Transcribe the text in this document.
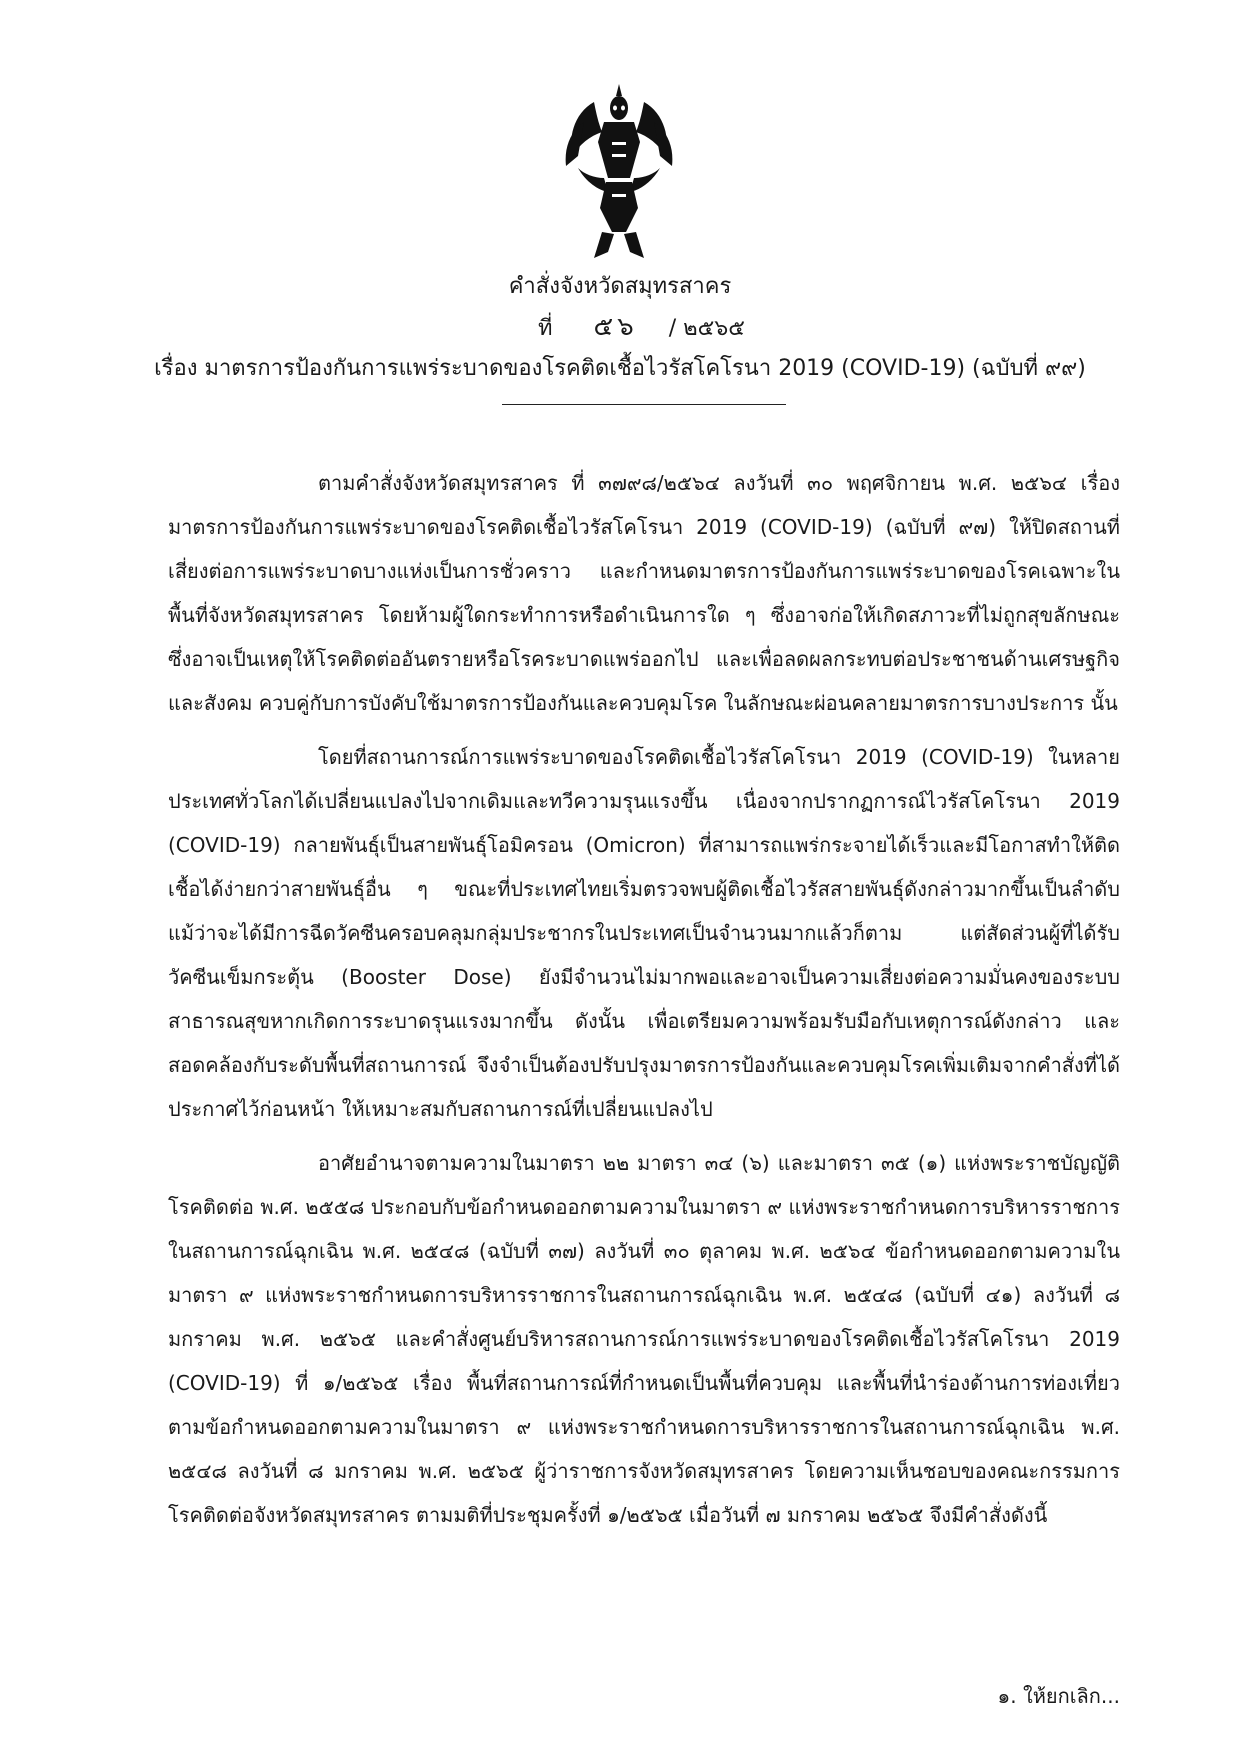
คำสั่งจังหวัดสมุทรสาคร
ที่ ๕๖ / ๒๕๖๕
เรื่อง มาตรการป้องกันการแพร่ระบาดของโรคติดเชื้อไวรัสโคโรนา 2019 (COVID-19) (ฉบับที่ ๙๙)

ตามคำสั่งจังหวัดสมุทรสาคร ที่ ๓๗๙๘/๒๕๖๔ ลงวันที่ ๓๐ พฤศจิกายน พ.ศ. ๒๕๖๔ เรื่อง มาตรการป้องกันการแพร่ระบาดของโรคติดเชื้อไวรัสโคโรนา 2019 (COVID-19) (ฉบับที่ ๙๗) ให้ปิดสถานที่เสี่ยงต่อการแพร่ระบาดบางแห่งเป็นการชั่วคราว และกำหนดมาตรการป้องกันการแพร่ระบาดของโรคเฉพาะในพื้นที่จังหวัดสมุทรสาคร โดยห้ามผู้ใดกระทำการหรือดำเนินการใด ๆ ซึ่งอาจก่อให้เกิดสภาวะที่ไม่ถูกสุขลักษณะ ซึ่งอาจเป็นเหตุให้โรคติดต่ออันตรายหรือโรคระบาดแพร่ออกไป และเพื่อลดผลกระทบต่อประชาชนด้านเศรษฐกิจและสังคม ควบคู่กับการบังคับใช้มาตรการป้องกันและควบคุมโรค ในลักษณะผ่อนคลายมาตรการบางประการ นั้น

โดยที่สถานการณ์การแพร่ระบาดของโรคติดเชื้อไวรัสโคโรนา 2019 (COVID-19) ในหลายประเทศทั่วโลกได้เปลี่ยนแปลงไปจากเดิมและทวีความรุนแรงขึ้น เนื่องจากปรากฏการณ์ไวรัสโคโรนา 2019 (COVID-19) กลายพันธุ์เป็นสายพันธุ์โอมิครอน (Omicron) ที่สามารถแพร่กระจายได้เร็วและมีโอกาสทำให้ติดเชื้อได้ง่ายกว่าสายพันธุ์อื่น ๆ ขณะที่ประเทศไทยเริ่มตรวจพบผู้ติดเชื้อไวรัสสายพันธุ์ดังกล่าวมากขึ้นเป็นลำดับ แม้ว่าจะได้มีการฉีดวัคซีนครอบคลุมกลุ่มประชากรในประเทศเป็นจำนวนมากแล้วก็ตาม แต่สัดส่วนผู้ที่ได้รับวัคซีนเข็มกระตุ้น (Booster Dose) ยังมีจำนวนไม่มากพอและอาจเป็นความเสี่ยงต่อความมั่นคงของระบบสาธารณสุขหากเกิดการระบาดรุนแรงมากขึ้น ดังนั้น เพื่อเตรียมความพร้อมรับมือกับเหตุการณ์ดังกล่าว และสอดคล้องกับระดับพื้นที่สถานการณ์ จึงจำเป็นต้องปรับปรุงมาตรการป้องกันและควบคุมโรคเพิ่มเติมจากคำสั่งที่ได้ประกาศไว้ก่อนหน้า ให้เหมาะสมกับสถานการณ์ที่เปลี่ยนแปลงไป

อาศัยอำนาจตามความในมาตรา ๒๒ มาตรา ๓๔ (๖) และมาตรา ๓๕ (๑) แห่งพระราชบัญญัติโรคติดต่อ พ.ศ. ๒๕๕๘ ประกอบกับข้อกำหนดออกตามความในมาตรา ๙ แห่งพระราชกำหนดการบริหารราชการในสถานการณ์ฉุกเฉิน พ.ศ. ๒๕๔๘ (ฉบับที่ ๓๗) ลงวันที่ ๓๐ ตุลาคม พ.ศ. ๒๕๖๔ ข้อกำหนดออกตามความในมาตรา ๙ แห่งพระราชกำหนดการบริหารราชการในสถานการณ์ฉุกเฉิน พ.ศ. ๒๕๔๘ (ฉบับที่ ๔๑) ลงวันที่ ๘ มกราคม พ.ศ. ๒๕๖๕ และคำสั่งศูนย์บริหารสถานการณ์การแพร่ระบาดของโรคติดเชื้อไวรัสโคโรนา 2019 (COVID-19) ที่ ๑/๒๕๖๕ เรื่อง พื้นที่สถานการณ์ที่กำหนดเป็นพื้นที่ควบคุม และพื้นที่นำร่องด้านการท่องเที่ยว ตามข้อกำหนดออกตามความในมาตรา ๙ แห่งพระราชกำหนดการบริหารราชการในสถานการณ์ฉุกเฉิน พ.ศ. ๒๕๔๘ ลงวันที่ ๘ มกราคม พ.ศ. ๒๕๖๕ ผู้ว่าราชการจังหวัดสมุทรสาคร โดยความเห็นชอบของคณะกรรมการโรคติดต่อจังหวัดสมุทรสาคร ตามมติที่ประชุมครั้งที่ ๑/๒๕๖๕ เมื่อวันที่ ๗ มกราคม ๒๕๖๕ จึงมีคำสั่งดังนี้

๑. ให้ยกเลิก...
